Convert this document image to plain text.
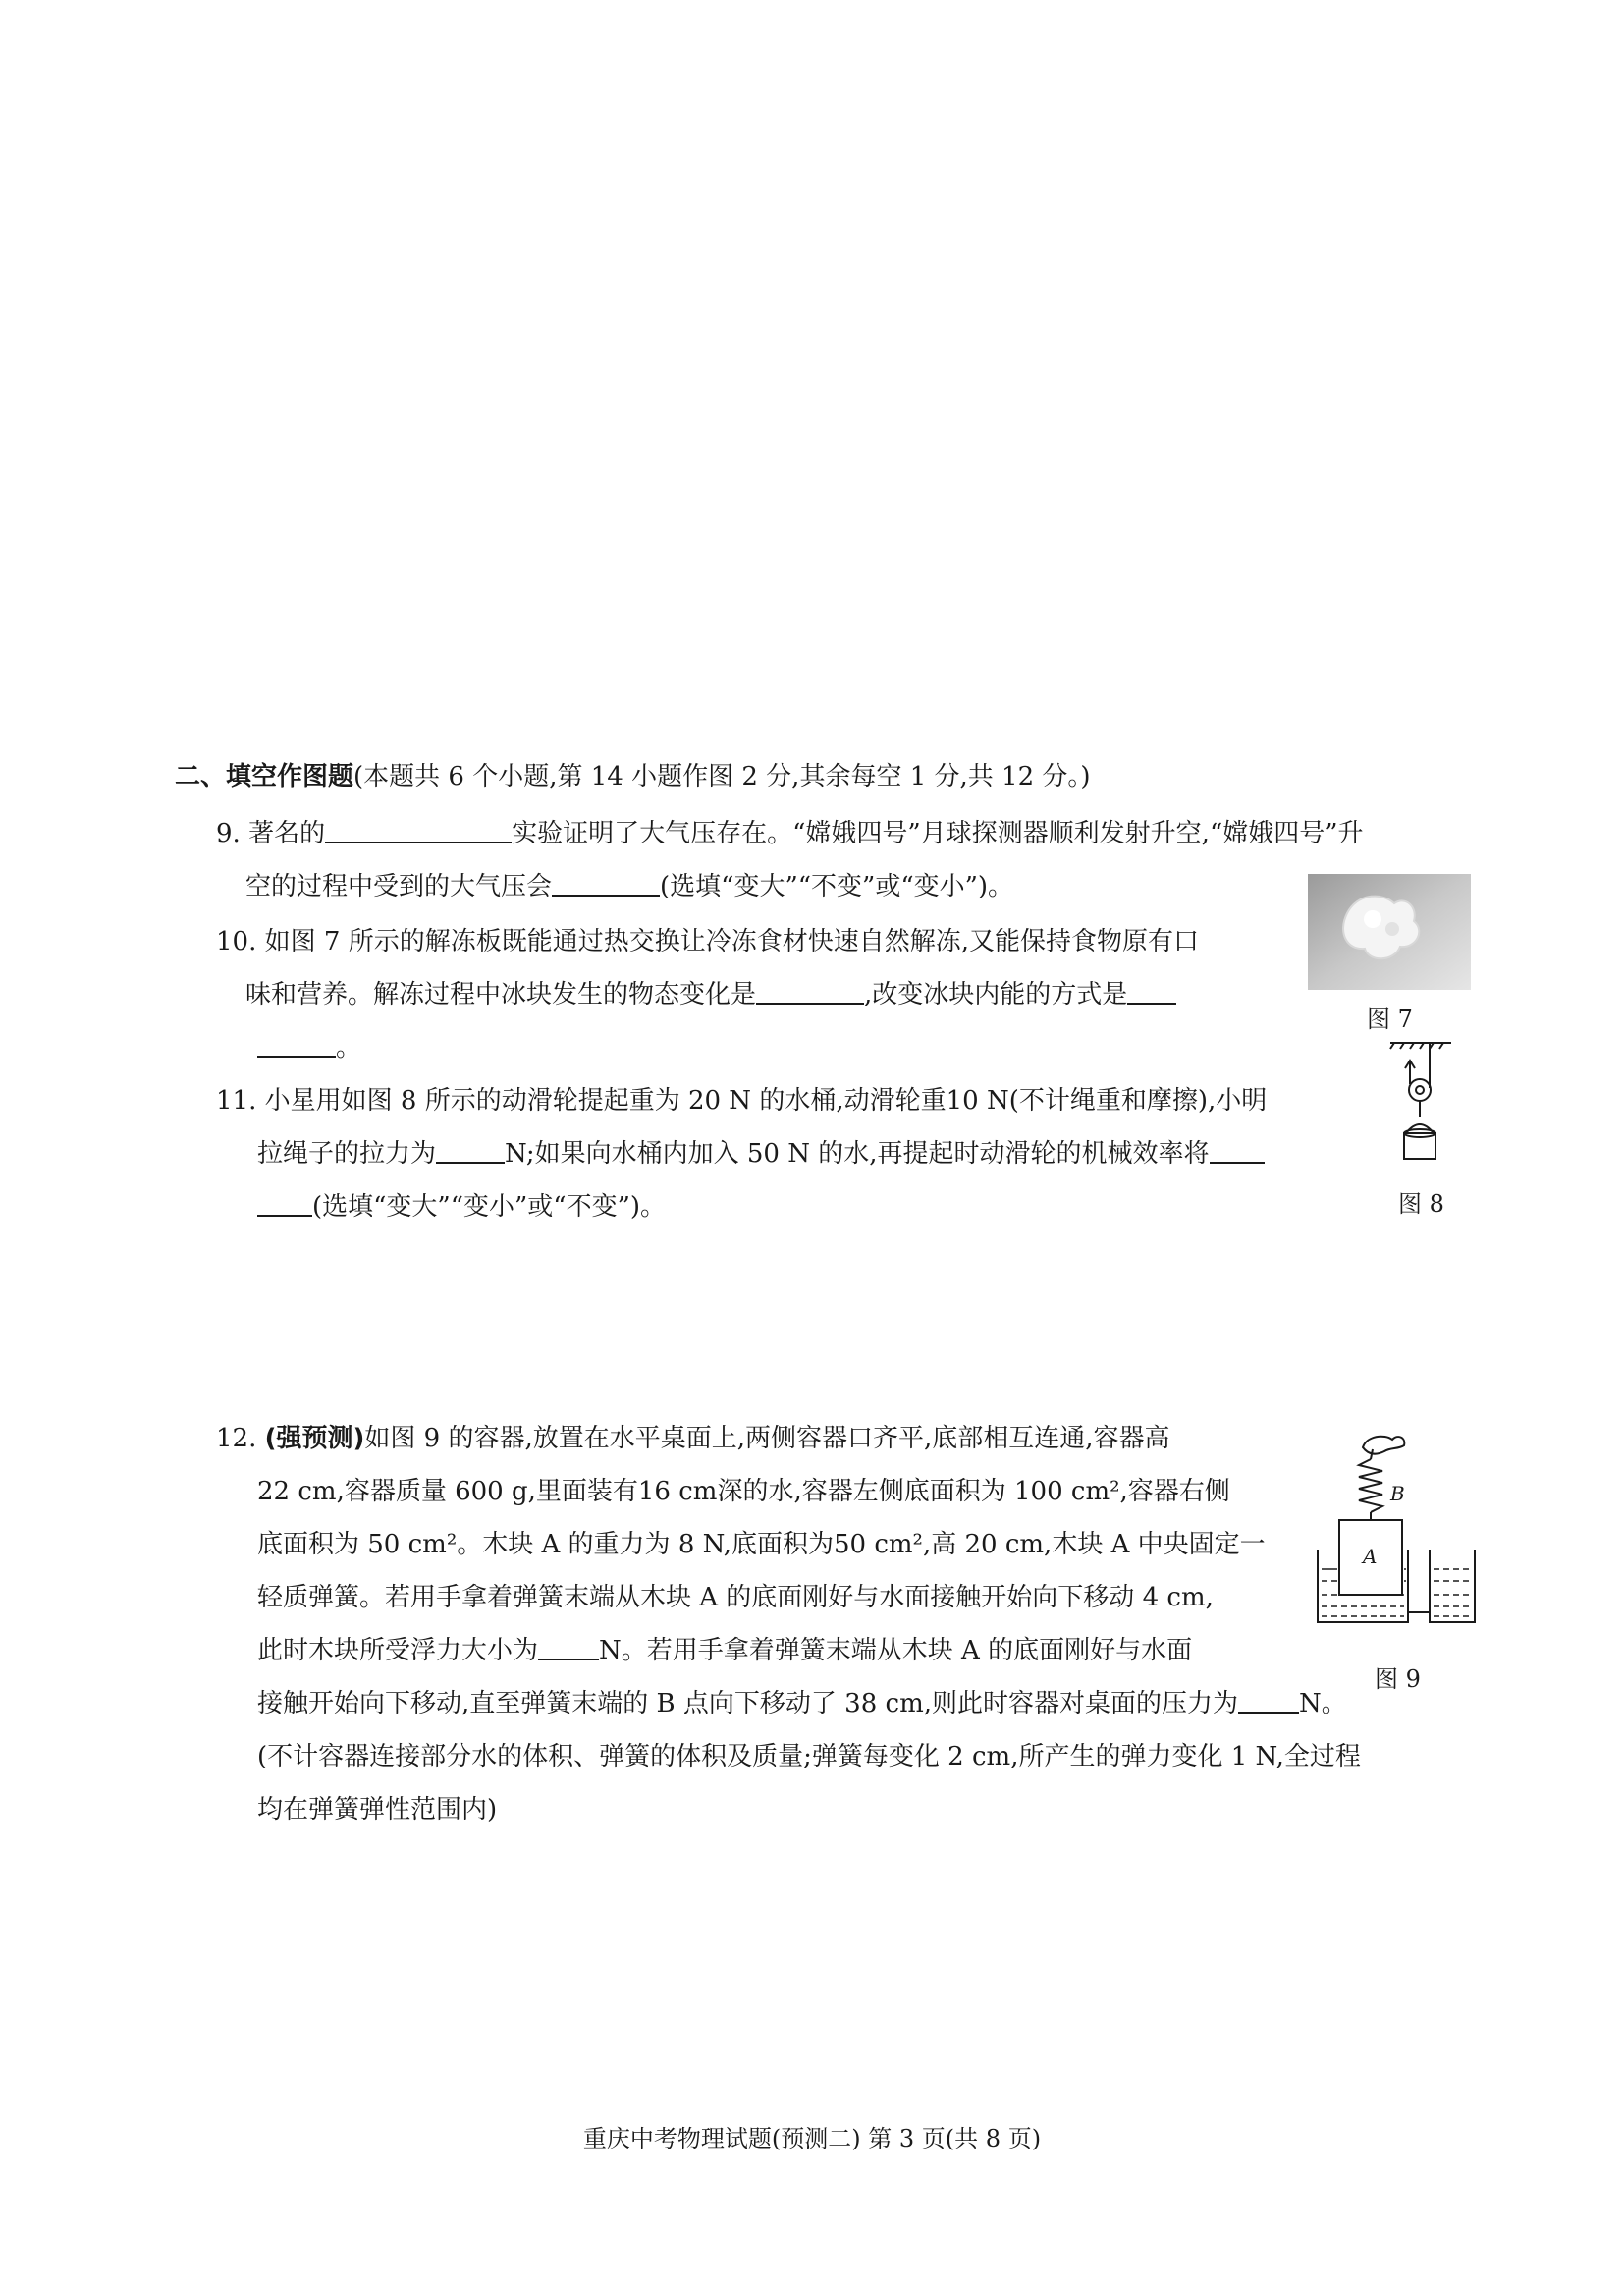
二、填空作图题(本题共 6 个小题,第 14 小题作图 2 分,其余每空 1 分,共 12 分。)
9. 著名的	实验证明了大气压存在。“嫦娥四号”月球探测器顺利发射升空,“嫦娥四号”升
空的过程中受到的大气压会	(选填“变大”“不变”或“变小”)。
10. 如图 7 所示的解冻板既能通过热交换让冷冻食材快速自然解冻,又能保持食物原有口
味和营养。解冻过程中冰块发生的物态变化是	,改变冰块内能的方式是
。
图 7
11. 小星用如图 8 所示的动滑轮提起重为 20 N 的水桶,动滑轮重10 N(不计绳重和摩擦),小明
拉绳子的拉力为	N;如果向水桶内加入 50 N 的水,再提起时动滑轮的机械效率将
(选填“变大”“变小”或“不变”)。	图 8
12. (强预测)如图 9 的容器,放置在水平桌面上,两侧容器口齐平,底部相互连通,容器高
22 cm,容器质量 600 g,里面装有16 cm深的水,容器左侧底面积为 100 cm²,容器右侧
底面积为 50 cm²。木块 A 的重力为 8 N,底面积为50 cm²,高 20 cm,木块 A 中央固定一
轻质弹簧。若用手拿着弹簧末端从木块 A 的底面刚好与水面接触开始向下移动 4 cm,
此时木块所受浮力大小为 N。若用手拿着弹簧末端从木块 A 的底面刚好与水面
接触开始向下移动,直至弹簧末端的 B 点向下移动了 38 cm,则此时容器对桌面的压力为 N。
(不计容器连接部分水的体积、弹簧的体积及质量;弹簧每变化 2 cm,所产生的弹力变化 1 N,全过程
均在弹簧弹性范围内)
B
A
图 9
重庆中考物理试题(预测二) 第 3 页(共 8 页)
